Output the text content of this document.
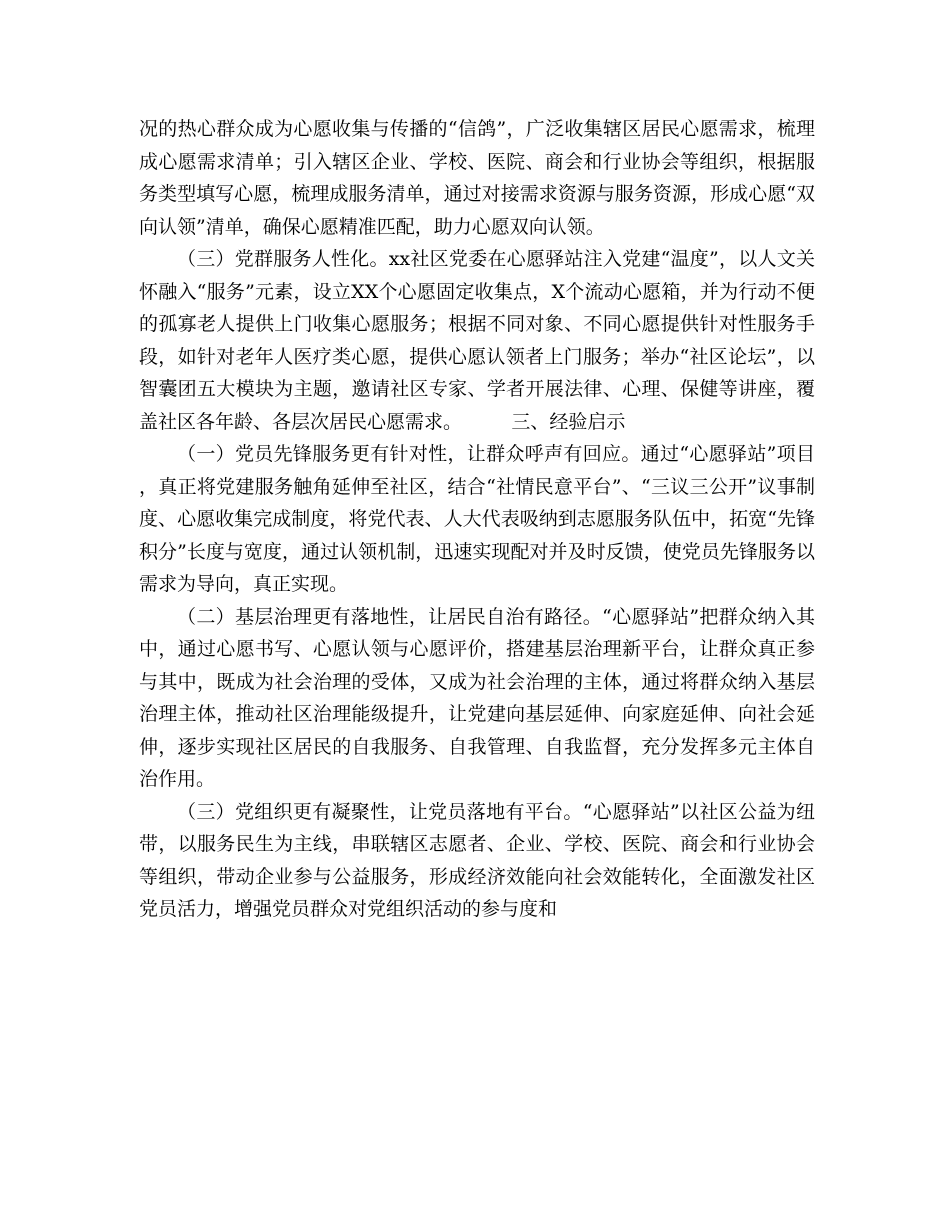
况的热心群众成为心愿收集与传播的“信鸽”，广泛收集辖区居民心愿需求，梳理成心愿需求清单；引入辖区企业、学校、医院、商会和行业协会等组织，根据服务类型填写心愿，梳理成服务清单，通过对接需求资源与服务资源，形成心愿“双向认领”清单，确保心愿精准匹配，助力心愿双向认领。

（三）党群服务人性化。xx社区党委在心愿驿站注入党建“温度”，以人文关怀融入“服务”元素，设立XX个心愿固定收集点，X个流动心愿箱，并为行动不便的孤寡老人提供上门收集心愿服务；根据不同对象、不同心愿提供针对性服务手段，如针对老年人医疗类心愿，提供心愿认领者上门服务；举办“社区论坛”，以智囊团五大模块为主题，邀请社区专家、学者开展法律、心理、保健等讲座，覆盖社区各年龄、各层次居民心愿需求。	三、经验启示

（一）党员先锋服务更有针对性，让群众呼声有回应。通过“心愿驿站”项目，真正将党建服务触角延伸至社区，结合“社情民意平台”、“三议三公开”议事制度、心愿收集完成制度，将党代表、人大代表吸纳到志愿服务队伍中，拓宽“先锋积分”长度与宽度，通过认领机制，迅速实现配对并及时反馈，使党员先锋服务以需求为导向，真正实现。

（二）基层治理更有落地性，让居民自治有路径。“心愿驿站”把群众纳入其中，通过心愿书写、心愿认领与心愿评价，搭建基层治理新平台，让群众真正参与其中，既成为社会治理的受体，又成为社会治理的主体，通过将群众纳入基层治理主体，推动社区治理能级提升，让党建向基层延伸、向家庭延伸、向社会延伸，逐步实现社区居民的自我服务、自我管理、自我监督，充分发挥多元主体自治作用。

（三）党组织更有凝聚性，让党员落地有平台。“心愿驿站”以社区公益为纽带，以服务民生为主线，串联辖区志愿者、企业、学校、医院、商会和行业协会等组织，带动企业参与公益服务，形成经济效能向社会效能转化，全面激发社区党员活力，增强党员群众对党组织活动的参与度和
